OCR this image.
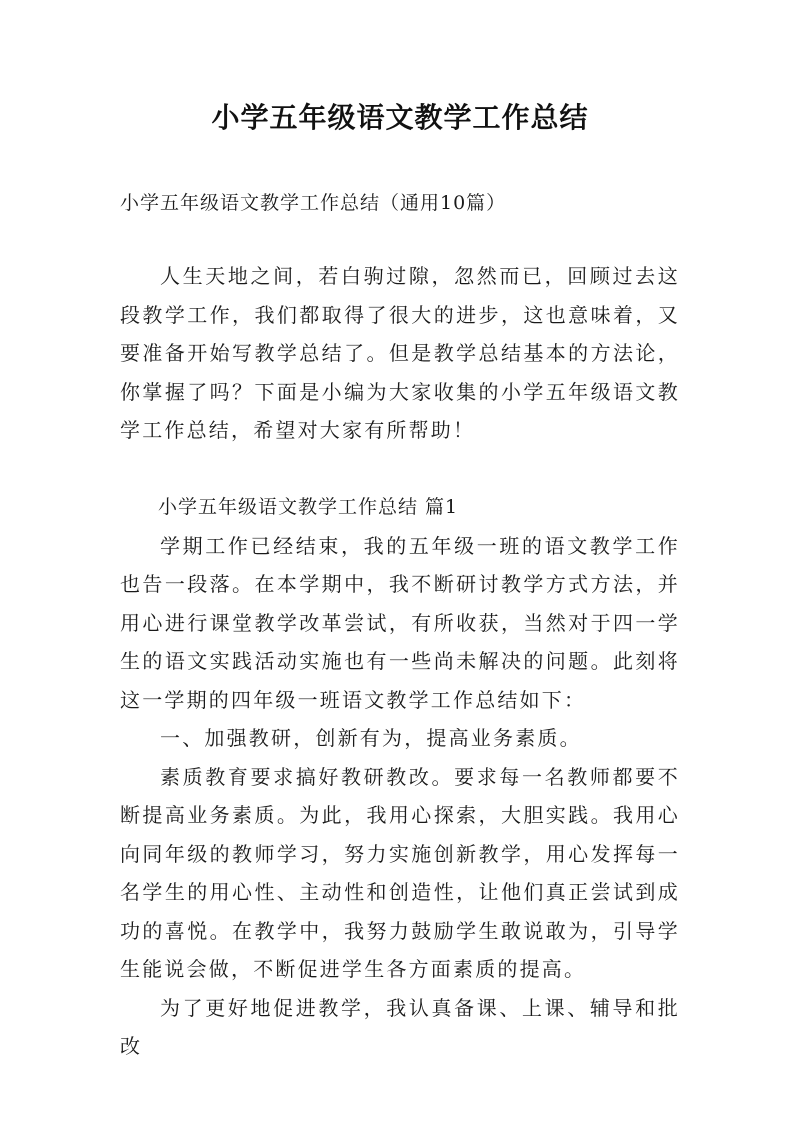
小学五年级语文教学工作总结
小学五年级语文教学工作总结（通用10篇）

人生天地之间，若白驹过隙，忽然而已，回顾过去这段教学工作，我们都取得了很大的进步，这也意味着，又要准备开始写教学总结了。但是教学总结基本的方法论，你掌握了吗？下面是小编为大家收集的小学五年级语文教学工作总结，希望对大家有所帮助！

小学五年级语文教学工作总结 篇1

学期工作已经结束，我的五年级一班的语文教学工作也告一段落。在本学期中，我不断研讨教学方式方法，并用心进行课堂教学改革尝试，有所收获，当然对于四一学生的语文实践活动实施也有一些尚未解决的问题。此刻将这一学期的四年级一班语文教学工作总结如下：

一、加强教研，创新有为，提高业务素质。

素质教育要求搞好教研教改。要求每一名教师都要不断提高业务素质。为此，我用心探索，大胆实践。我用心向同年级的教师学习，努力实施创新教学，用心发挥每一名学生的用心性、主动性和创造性，让他们真正尝试到成功的喜悦。在教学中，我努力鼓励学生敢说敢为，引导学生能说会做，不断促进学生各方面素质的提高。

为了更好地促进教学，我认真备课、上课、辅导和批改
